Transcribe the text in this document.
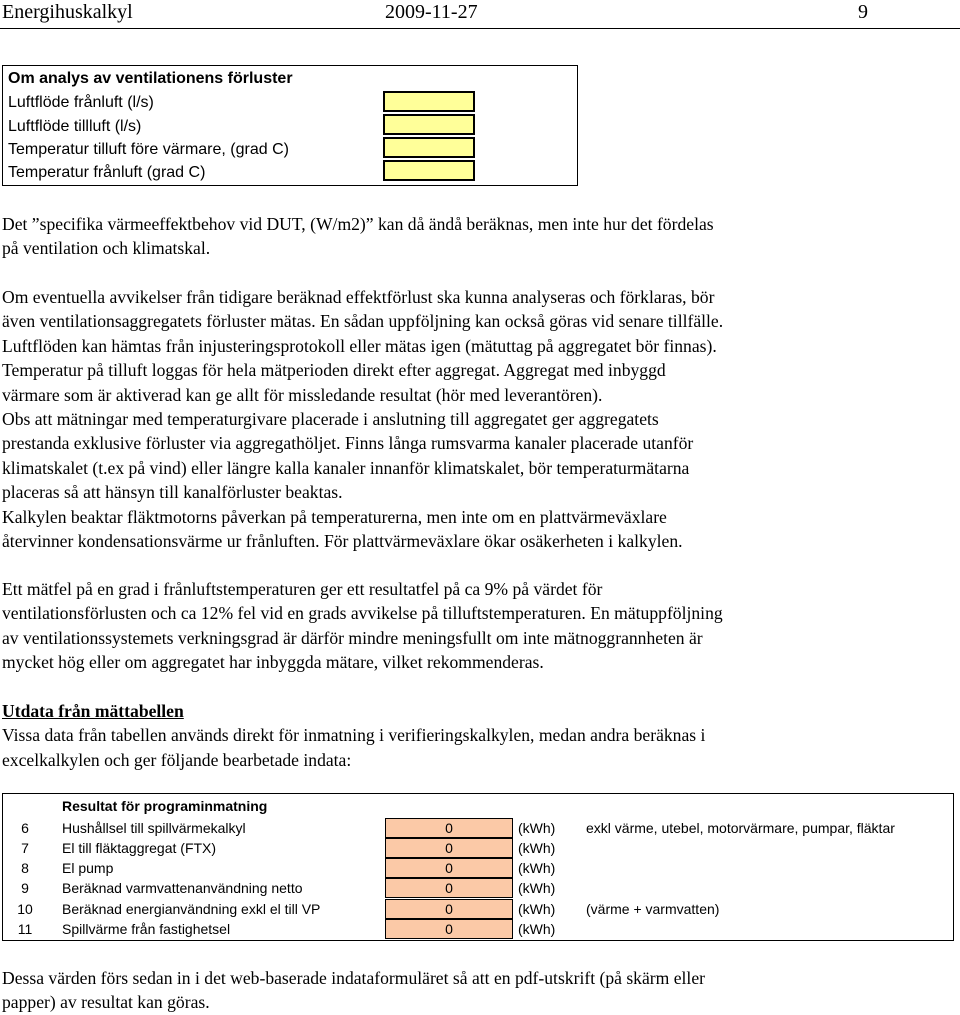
Energihuskalkyl	2009-11-27	9
Om analys av ventilationens förluster
Luftflöde frånluft (l/s)
Luftflöde tillluft (l/s)
Temperatur tilluft före värmare, (grad C)
Temperatur frånluft (grad C)
Det ”specifika värmeeffektbehov vid DUT, (W/m2)” kan då ändå beräknas, men inte hur det fördelas
på ventilation och klimatskal.
Om eventuella avvikelser från tidigare beräknad effektförlust ska kunna analyseras och förklaras, bör
även ventilationsaggregatets förluster mätas. En sådan uppföljning kan också göras vid senare tillfälle.
Luftflöden kan hämtas från injusteringsprotokoll eller mätas igen (mätuttag på aggregatet bör finnas).
Temperatur på tilluft loggas för hela mätperioden direkt efter aggregat. Aggregat med inbyggd
värmare som är aktiverad kan ge allt för missledande resultat (hör med leverantören).
Obs att mätningar med temperaturgivare placerade i anslutning till aggregatet ger aggregatets
prestanda exklusive förluster via aggregathöljet. Finns långa rumsvarma kanaler placerade utanför
klimatskalet (t.ex på vind) eller längre kalla kanaler innanför klimatskalet, bör temperaturmätarna
placeras så att hänsyn till kanalförluster beaktas.
Kalkylen beaktar fläktmotorns påverkan på temperaturerna, men inte om en plattvärmeväxlare
återvinner kondensationsvärme ur frånluften. För plattvärmeväxlare ökar osäkerheten i kalkylen.
Ett mätfel på en grad i frånluftstemperaturen ger ett resultatfel på ca 9% på värdet för
ventilationsförlusten och ca 12% fel vid en grads avvikelse på tilluftstemperaturen. En mätuppföljning
av ventilationssystemets verkningsgrad är därför mindre meningsfullt om inte mätnoggrannheten är
mycket hög eller om aggregatet har inbyggda mätare, vilket rekommenderas.
Utdata från mättabellen
Vissa data från tabellen används direkt för inmatning i verifieringskalkylen, medan andra beräknas i
excelkalkylen och ger följande bearbetade indata:
Resultat för programinmatning
6	Hushållsel till spillvärmekalkyl	0	(kWh) exkl värme, utebel, motorvärmare, pumpar, fläktar
7	El till fläktaggregat (FTX)	0	(kWh)
8	El pump	0	(kWh)
9	Beräknad varmvattenanvändning netto	0	(kWh)
10	Beräknad energianvändning exkl el till VP	0	(kWh) (värme + varmvatten)
11	Spillvärme från fastighetsel	0	(kWh)
Dessa värden förs sedan in i det web-baserade indataformuläret så att en pdf-utskrift (på skärm eller
papper) av resultat kan göras.
